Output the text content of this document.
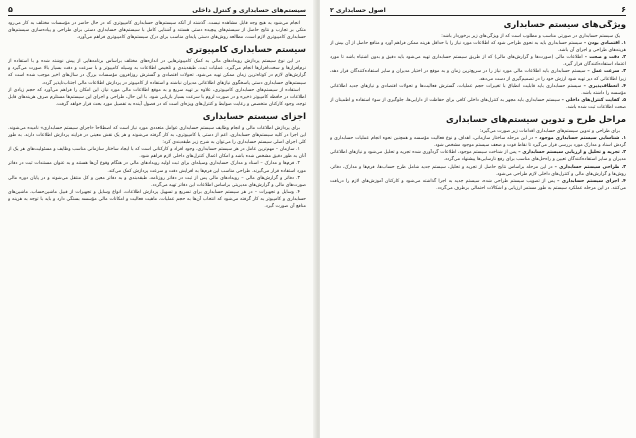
سیستم‌های حسابداری و کنترل داخلی
۵
انجام می‌شود به هیچ وجه قابل مشاهده نیست. گذشته از آنکه سیستم‌های حسابداری کامپیوتری که در حال حاضر در مؤسسات مختلف به کار می‌رود متکی بر تجارب و نتایج حاصل از سیستم‌های پیچیده دستی هستند و آشنایی کامل با سیستم‌های حسابداری دستی برای طراحی و پیاده‌سازی سیستم‌های حسابداری کامپیوتری لازم است، مطالعه روش‌های دستی پایه‌ای مناسب برای درک سیستم‌های کامپیوتری فراهم می‌آورد.
سیستم حسابداری کامپیوتری
در این نوع سیستم پردازش رویدادهای مالی به کمک کامپیوترهایی در اندازه‌های مختلف براساس برنامه‌هایی از پیش نوشته شده و با استفاده از نرم‌افزارها و سخت‌افزارها انجام می‌گیرد. عملیات ثبت، طبقه‌بندی و تلخیص اطلاعات به وسیله کامپیوتر و با سرعت و دقت بسیار بالا صورت می‌گیرد و گزارش‌های لازم در کوتاه‌ترین زمان ممکن تهیه می‌شود. تحولات اقتصادی و گسترش روزافزون مؤسسات بزرگ در سال‌های اخیر موجب شده است که سیستم‌های حسابداری دستی پاسخگوی نیازهای اطلاعاتی مدیران نباشند و استفاده از کامپیوتر در پردازش اطلاعات مالی اجتناب‌ناپذیر گردد.
استفاده از سیستم‌های حسابداری کامپیوتری، علاوه بر تهیه سریع و به موقع اطلاعات مالی مورد نیاز، این امکان را فراهم می‌آورد که حجم زیادی از اطلاعات در حافظه کامپیوتر ذخیره و در صورت لزوم با سرعت بسیار بازیابی شود. با این حال، طراحی و اجرای این سیستم‌ها مستلزم صرف هزینه‌های قابل توجه، وجود کارکنان متخصص و رعایت ضوابط و کنترل‌های ویژه‌ای است که در فصول آینده به تفصیل مورد بحث قرار خواهد گرفت.
اجزای سیستم حسابداری
برای پردازش اطلاعات مالی و انجام وظایف سیستم حسابداری عوامل متعددی مورد نیاز است که اصطلاحاً «اجزای سیستم حسابداری» نامیده می‌شوند. این اجزا در کلیه سیستم‌های حسابداری، اعم از دستی یا کامپیوتری، به کار گرفته می‌شوند و هر یک نقش معینی در فرایند پردازش اطلاعات دارند. به طور کلی اجزای اصلی سیستم حسابداری را می‌توان به شرح زیر طبقه‌بندی کرد:
۱. سازمان – مهم‌ترین عامل در هر سیستم حسابداری، وجود افراد و کارکنانی است که با ایجاد ساختار سازمانی مناسب وظایف و مسئولیت‌های هر یک از آنان به طور دقیق مشخص شده باشد و امکان اعمال کنترل‌های داخلی لازم فراهم شود.
۲. فرم‌ها و مدارک – اسناد و مدارک حسابداری وسیله‌ای برای ثبت اولیه رویدادهای مالی در هنگام وقوع آن‌ها هستند و به عنوان مستندات ثبت در دفاتر مورد استفاده قرار می‌گیرند. طراحی مناسب این فرم‌ها به افزایش دقت و سرعت پردازش کمک می‌کند.
۳. دفاتر و گزارش‌های مالی – رویدادهای مالی پس از ثبت در دفاتر روزنامه، طبقه‌بندی و به دفاتر معین و کل منتقل می‌شوند و در پایان دوره مالی صورت‌های مالی و گزارش‌های مدیریتی براساس اطلاعات این دفاتر تهیه می‌گردد.
۴. وسایل و تجهیزات – در هر سیستم حسابداری برای تسریع و تسهیل پردازش اطلاعات، انواع وسایل و تجهیزات از قبیل ماشین‌حساب، ماشین‌های حسابداری و کامپیوتر به کار گرفته می‌شود که انتخاب آن‌ها به حجم عملیات، ماهیت فعالیت و امکانات مالی مؤسسه بستگی دارد و باید با توجه به هزینه و منافع آن صورت گیرد.
۶
اصول حسابداری ۲
ویژگی‌های سیستم حسابداری
یک سیستم حسابداری در صورتی مناسب و مطلوب است که از ویژگی‌های زیر برخوردار باشد:
۱. اقتصادی بودن – سیستم حسابداری باید به نحوی طراحی شود که اطلاعات مورد نیاز را با حداقل هزینه ممکن فراهم آورد و منافع حاصل از آن بیش از هزینه‌های طراحی و اجرای آن باشد.
۲. دقت و صحت – اطلاعات مالی (صورت‌ها و گزارش‌های مالی) که از طریق سیستم حسابداری تهیه می‌شود باید دقیق و بدون اشتباه باشد تا مورد اعتماد استفاده‌کنندگان قرار گیرد.
۳. سرعت عمل – سیستم حسابداری باید اطلاعات مالی مورد نیاز را در سریع‌ترین زمان و به موقع در اختیار مدیران و سایر استفاده‌کنندگان قرار دهد، زیرا اطلاعاتی که دیر تهیه شود ارزش خود را در تصمیم‌گیری از دست می‌دهد.
۴. انعطاف‌پذیری – سیستم حسابداری باید قابلیت انطباق با تغییرات حجم عملیات، گسترش فعالیت‌ها و تحولات اقتصادی و نیازهای جدید اطلاعاتی مؤسسه را داشته باشد.
۵. کفایت کنترل‌های داخلی – سیستم حسابداری باید مجهز به کنترل‌های داخلی کافی برای حفاظت از دارایی‌ها، جلوگیری از سوء استفاده و اطمینان از صحت اطلاعات ثبت شده باشد.
مراحل طرح و تدوین سیستم‌های حسابداری
برای طراحی و تدوین سیستم‌های حسابداری اقدامات زیر صورت می‌گیرد:
۱. شناسایی سیستم حسابداری موجود – در این مرحله ساختار سازمانی، اهداف و نوع فعالیت مؤسسه و همچنین نحوه انجام عملیات حسابداری و گردش اسناد و مدارک مورد بررسی قرار می‌گیرد تا نقاط قوت و ضعف سیستم موجود مشخص شود.
۲. تجزیه و تحلیل و ارزیابی سیستم حسابداری – پس از شناخت سیستم موجود، اطلاعات گردآوری شده تجزیه و تحلیل می‌شود و نیازهای اطلاعاتی مدیران و سایر استفاده‌کنندگان تعیین و راه‌حل‌های مناسب برای رفع نارسایی‌ها پیشنهاد می‌گردد.
۳. طراحی سیستم حسابداری – در این مرحله براساس نتایج حاصل از تجزیه و تحلیل، سیستم جدید شامل طرح حساب‌ها، فرم‌ها و مدارک، دفاتر، روش‌ها و گزارش‌های مالی و کنترل‌های داخلی لازم طراحی می‌شود.
۴. اجرای سیستم حسابداری – پس از تصویب سیستم طراحی شده، سیستم جدید به اجرا گذاشته می‌شود و کارکنان آموزش‌های لازم را دریافت می‌کنند. در این مرحله عملکرد سیستم به طور مستمر ارزیابی و اشکالات احتمالی برطرف می‌گردد.
